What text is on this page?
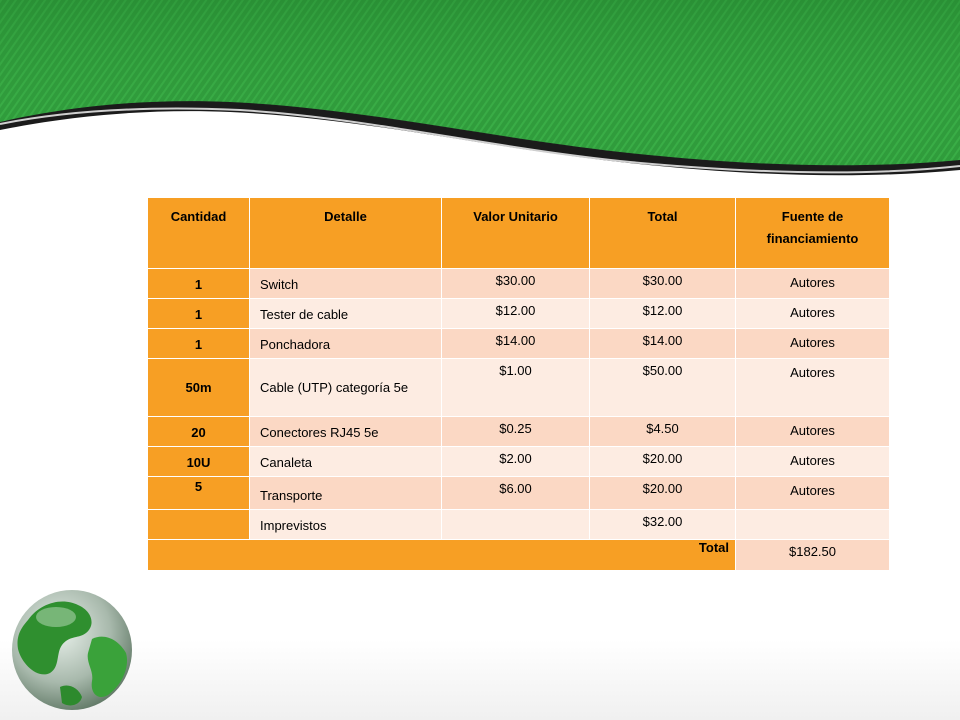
Cantidad	Detalle	Valor Unitario	Total	Fuente de financiamiento
1	Switch	$30.00	$30.00	Autores
1	Tester de cable	$12.00	$12.00	Autores
1	Ponchadora	$14.00	$14.00	Autores
50m	Cable (UTP) categoría 5e	$1.00	$50.00	Autores
20	Conectores RJ45 5e	$0.25	$4.50	Autores
10U	Canaleta	$2.00	$20.00	Autores
5	Transporte	$6.00	$20.00	Autores
	Imprevistos		$32.00	
Total				$182.50
